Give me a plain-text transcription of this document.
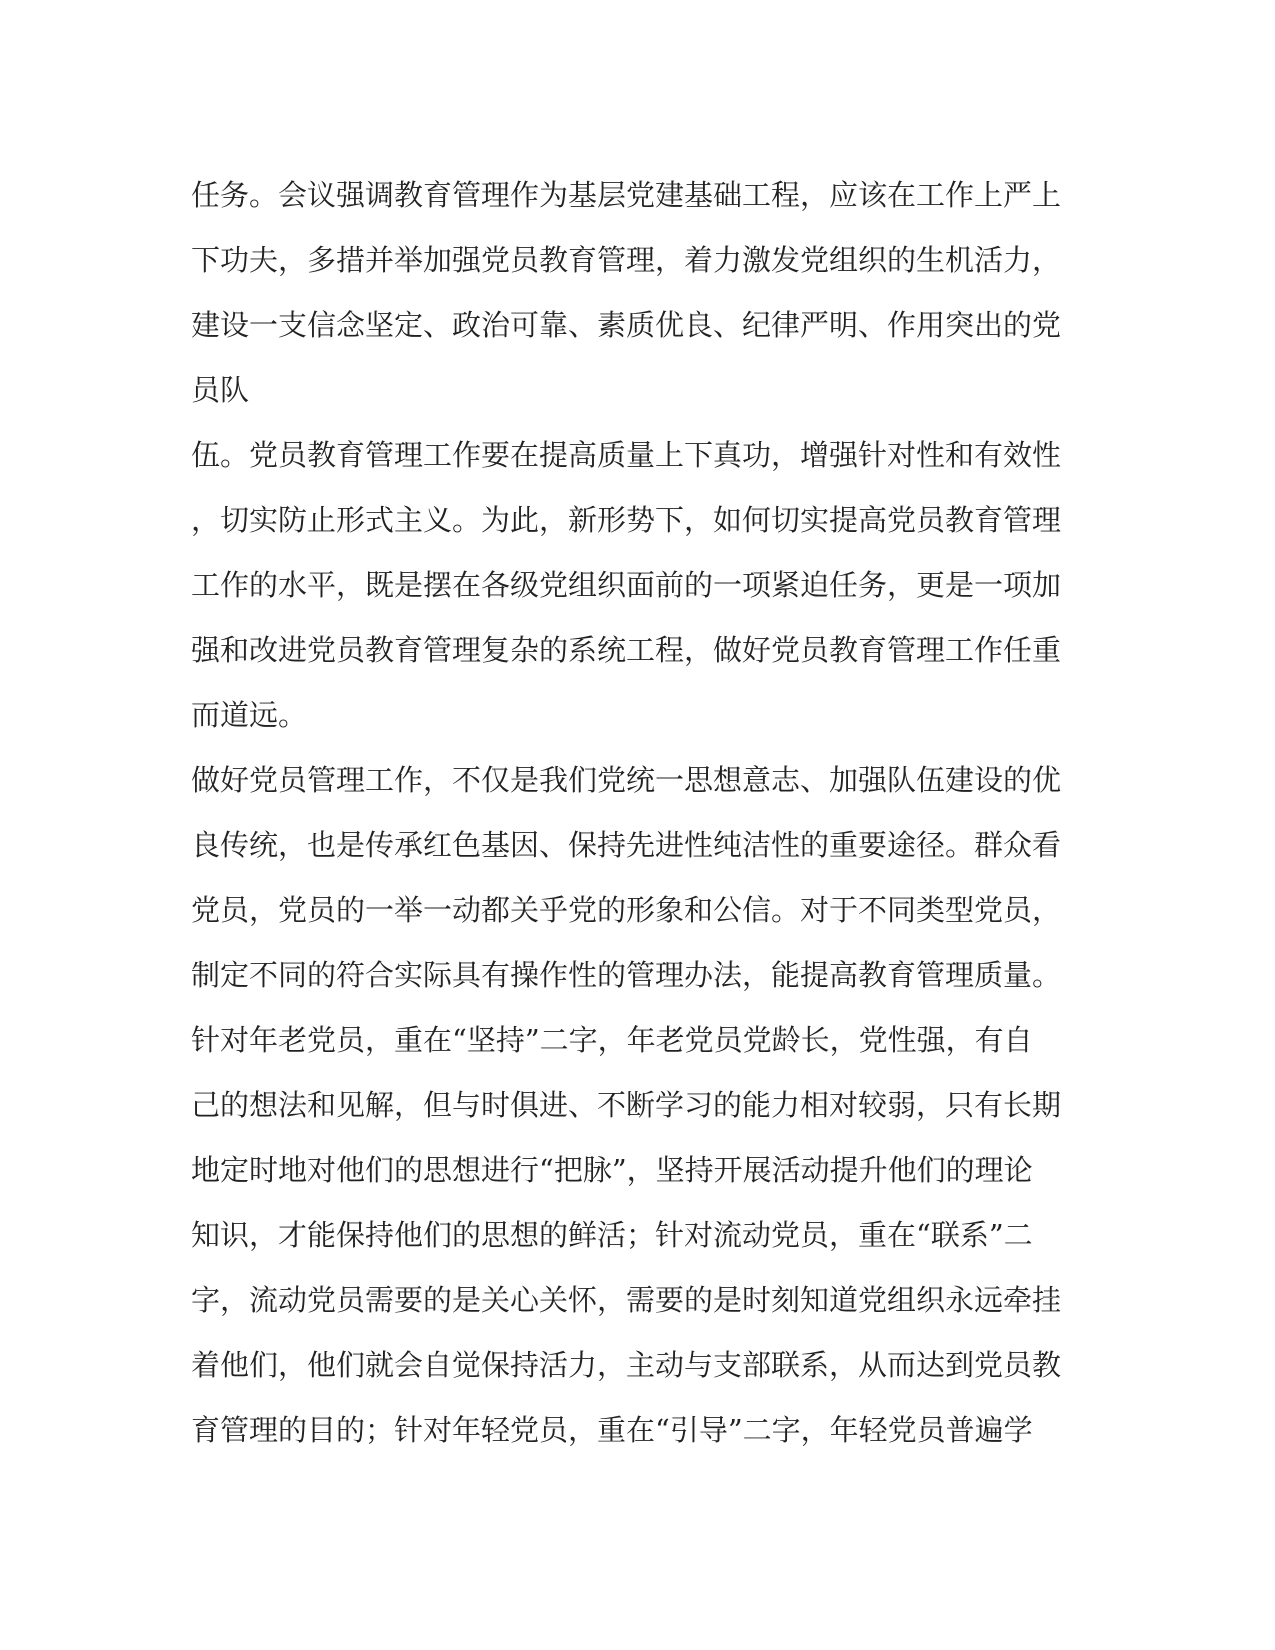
任务。会议强调教育管理作为基层党建基础工程，应该在工作上严上
下功夫，多措并举加强党员教育管理，着力激发党组织的生机活力，
建设一支信念坚定、政治可靠、素质优良、纪律严明、作用突出的党
员队
伍。党员教育管理工作要在提高质量上下真功，增强针对性和有效性
，切实防止形式主义。为此，新形势下，如何切实提高党员教育管理
工作的水平，既是摆在各级党组织面前的一项紧迫任务，更是一项加
强和改进党员教育管理复杂的系统工程，做好党员教育管理工作任重
而道远。
做好党员管理工作，不仅是我们党统一思想意志、加强队伍建设的优
良传统，也是传承红色基因、保持先进性纯洁性的重要途径。群众看
党员，党员的一举一动都关乎党的形象和公信。对于不同类型党员，
制定不同的符合实际具有操作性的管理办法，能提高教育管理质量。
针对年老党员，重在“坚持”二字，年老党员党龄长，党性强，有自
己的想法和见解，但与时俱进、不断学习的能力相对较弱，只有长期
地定时地对他们的思想进行“把脉”，坚持开展活动提升他们的理论
知识，才能保持他们的思想的鲜活；针对流动党员，重在“联系”二
字，流动党员需要的是关心关怀，需要的是时刻知道党组织永远牵挂
着他们，他们就会自觉保持活力，主动与支部联系，从而达到党员教
育管理的目的；针对年轻党员，重在“引导”二字，年轻党员普遍学
